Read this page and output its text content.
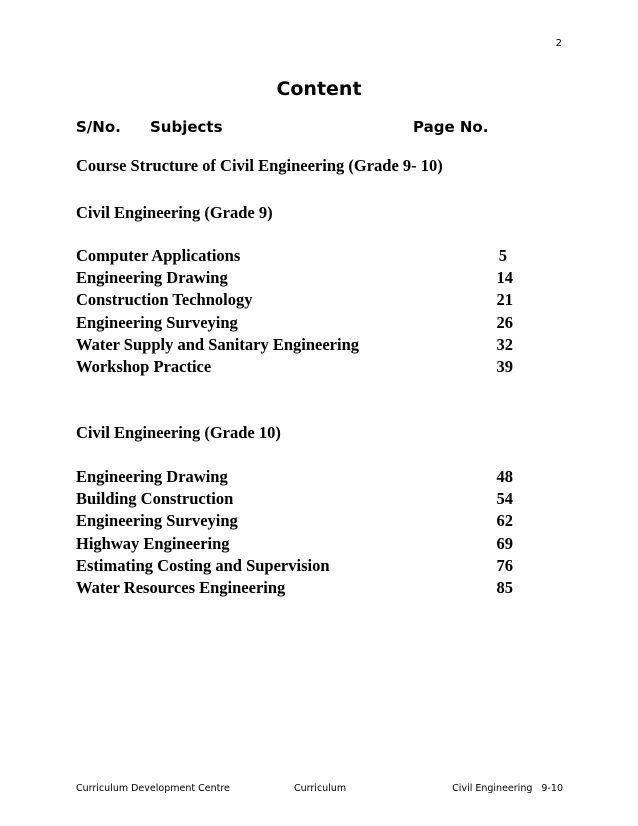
2
Content
S/No. Subjects	Page No.
Course Structure of Civil Engineering (Grade 9- 10)
Civil Engineering (Grade 9)
Computer Applications	5
Engineering Drawing	14
Construction Technology	21
Engineering Surveying	26
Water Supply and Sanitary Engineering	32
Workshop Practice	39
Civil Engineering (Grade 10)
Engineering Drawing	48
Building Construction	54
Engineering Surveying	62
Highway Engineering	69
Estimating Costing and Supervision	76
Water Resources Engineering	85
Curriculum Development Centre	Curriculum	Civil Engineering   9-10
